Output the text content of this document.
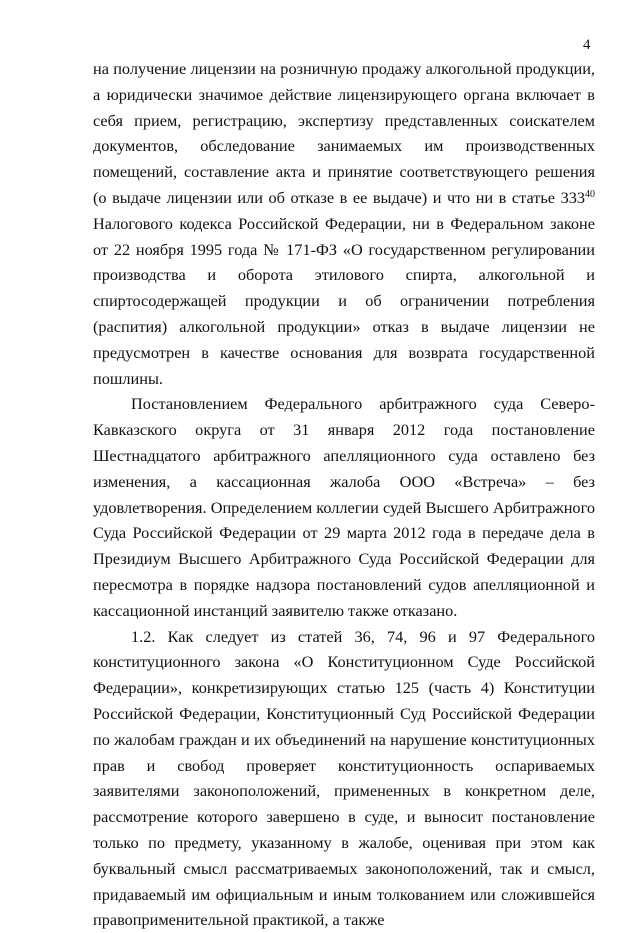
4

на получение лицензии на розничную продажу алкогольной продукции, а юридически значимое действие лицензирующего органа включает в себя прием, регистрацию, экспертизу представленных соискателем документов, обследование занимаемых им производственных помещений, составление акта и принятие соответствующего решения (о выдаче лицензии или об отказе в ее выдаче) и что ни в статье $333^{40}$ Налогового кодекса Российской Федерации, ни в Федеральном законе от 22 ноября 1995 года № 171-ФЗ «О государственном регулировании производства и оборота этилового спирта, алкогольной и спиртосодержащей продукции и об ограничении потребления (распития) алкогольной продукции» отказ в выдаче лицензии не предусмотрен в качестве основания для возврата государственной пошлины.

Постановлением Федерального арбитражного суда Северо-Кавказского округа от 31 января 2012 года постановление Шестнадцатого арбитражного апелляционного суда оставлено без изменения, а кассационная жалоба ООО «Встреча» – без удовлетворения. Определением коллегии судей Высшего Арбитражного Суда Российской Федерации от 29 марта 2012 года в передаче дела в Президиум Высшего Арбитражного Суда Российской Федерации для пересмотра в порядке надзора постановлений судов апелляционной и кассационной инстанций заявителю также отказано.

1.2. Как следует из статей 36, 74, 96 и 97 Федерального конституционного закона «О Конституционном Суде Российской Федерации», конкретизирующих статью 125 (часть 4) Конституции Российской Федерации, Конституционный Суд Российской Федерации по жалобам граждан и их объединений на нарушение конституционных прав и свобод проверяет конституционность оспариваемых заявителями законоположений, примененных в конкретном деле, рассмотрение которого завершено в суде, и выносит постановление только по предмету, указанному в жалобе, оценивая при этом как буквальный смысл рассматриваемых законоположений, так и смысл, придаваемый им официальным и иным толкованием или сложившейся правоприменительной практикой, а также
